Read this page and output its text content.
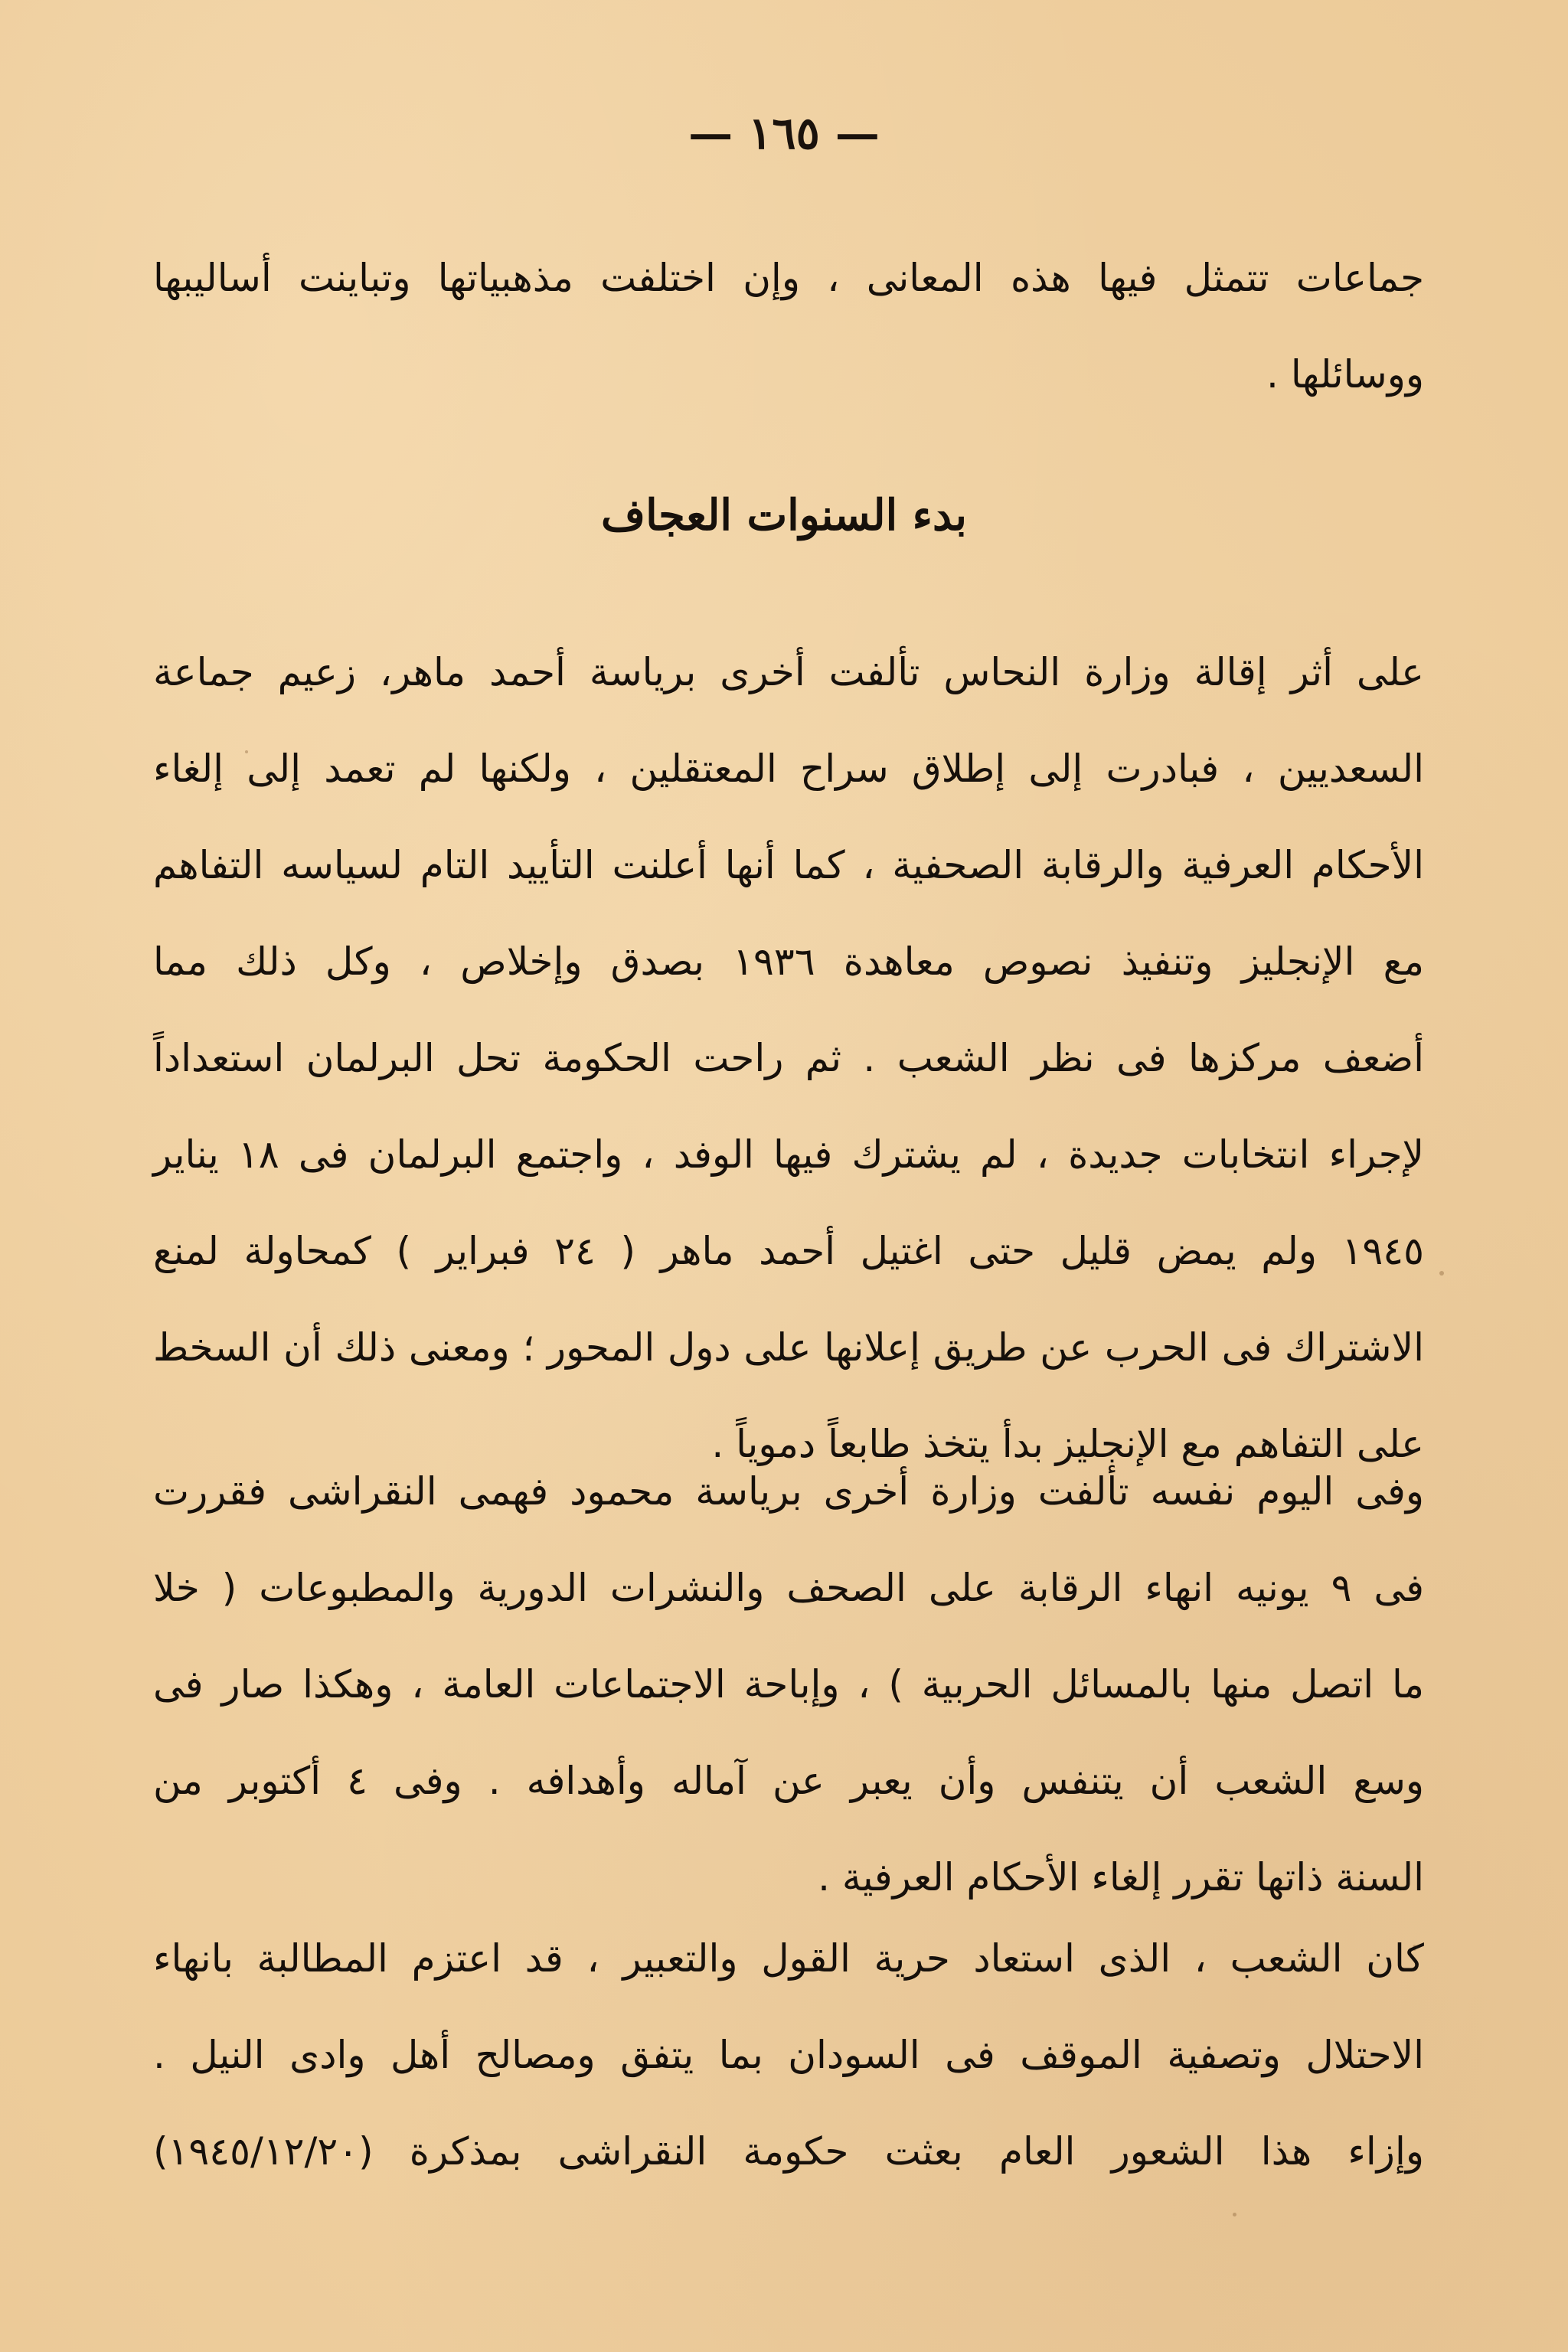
— ١٦٥ —
جماعات تتمثل فيها هذه المعانى ، وإن اختلفت مذهبياتها وتباينت أساليبها
ووسائلها .
بدء السنوات العجاف
على أثر إقالة وزارة النحاس تألفت أخرى برياسة أحمد ماهر، زعيم جماعة
السعديين ، فبادرت إلى إطلاق سراح المعتقلين ، ولكنها لم تعمد إلى إلغاء
الأحكام العرفية والرقابة الصحفية ، كما أنها أعلنت التأييد التام لسياسه التفاهم
مع الإنجليز وتنفيذ نصوص معاهدة ١٩٣٦ بصدق وإخلاص ، وكل ذلك مما
أضعف مركزها فى نظر الشعب . ثم راحت الحكومة تحل البرلمان استعداداً
لإجراء انتخابات جديدة ، لم يشترك فيها الوفد ، واجتمع البرلمان فى ١٨ يناير
١٩٤٥ ولم يمض قليل حتى اغتيل أحمد ماهر ( ٢٤ فبراير ) كمحاولة لمنع
الاشتراك فى الحرب عن طريق إعلانها على دول المحور ؛ ومعنى ذلك أن السخط
على التفاهم مع الإنجليز بدأ يتخذ طابعاً دموياً .
وفى اليوم نفسه تألفت وزارة أخرى برياسة محمود فهمى النقراشى فقررت
فى ٩ يونيه انهاء الرقابة على الصحف والنشرات الدورية والمطبوعات ( خلا
ما اتصل منها بالمسائل الحربية ) ، وإباحة الاجتماعات العامة ، وهكذا صار فى
وسع الشعب أن يتنفس وأن يعبر عن آماله وأهدافه . وفى ٤ أكتوبر من
السنة ذاتها تقرر إلغاء الأحكام العرفية .
كان الشعب ، الذى استعاد حرية القول والتعبير ، قد اعتزم المطالبة بانهاء
الاحتلال وتصفية الموقف فى السودان بما يتفق ومصالح أهل وادى النيل .
وإزاء هذا الشعور العام بعثت حكومة النقراشى بمذكرة (١٩٤٥/١٢/٢٠)
